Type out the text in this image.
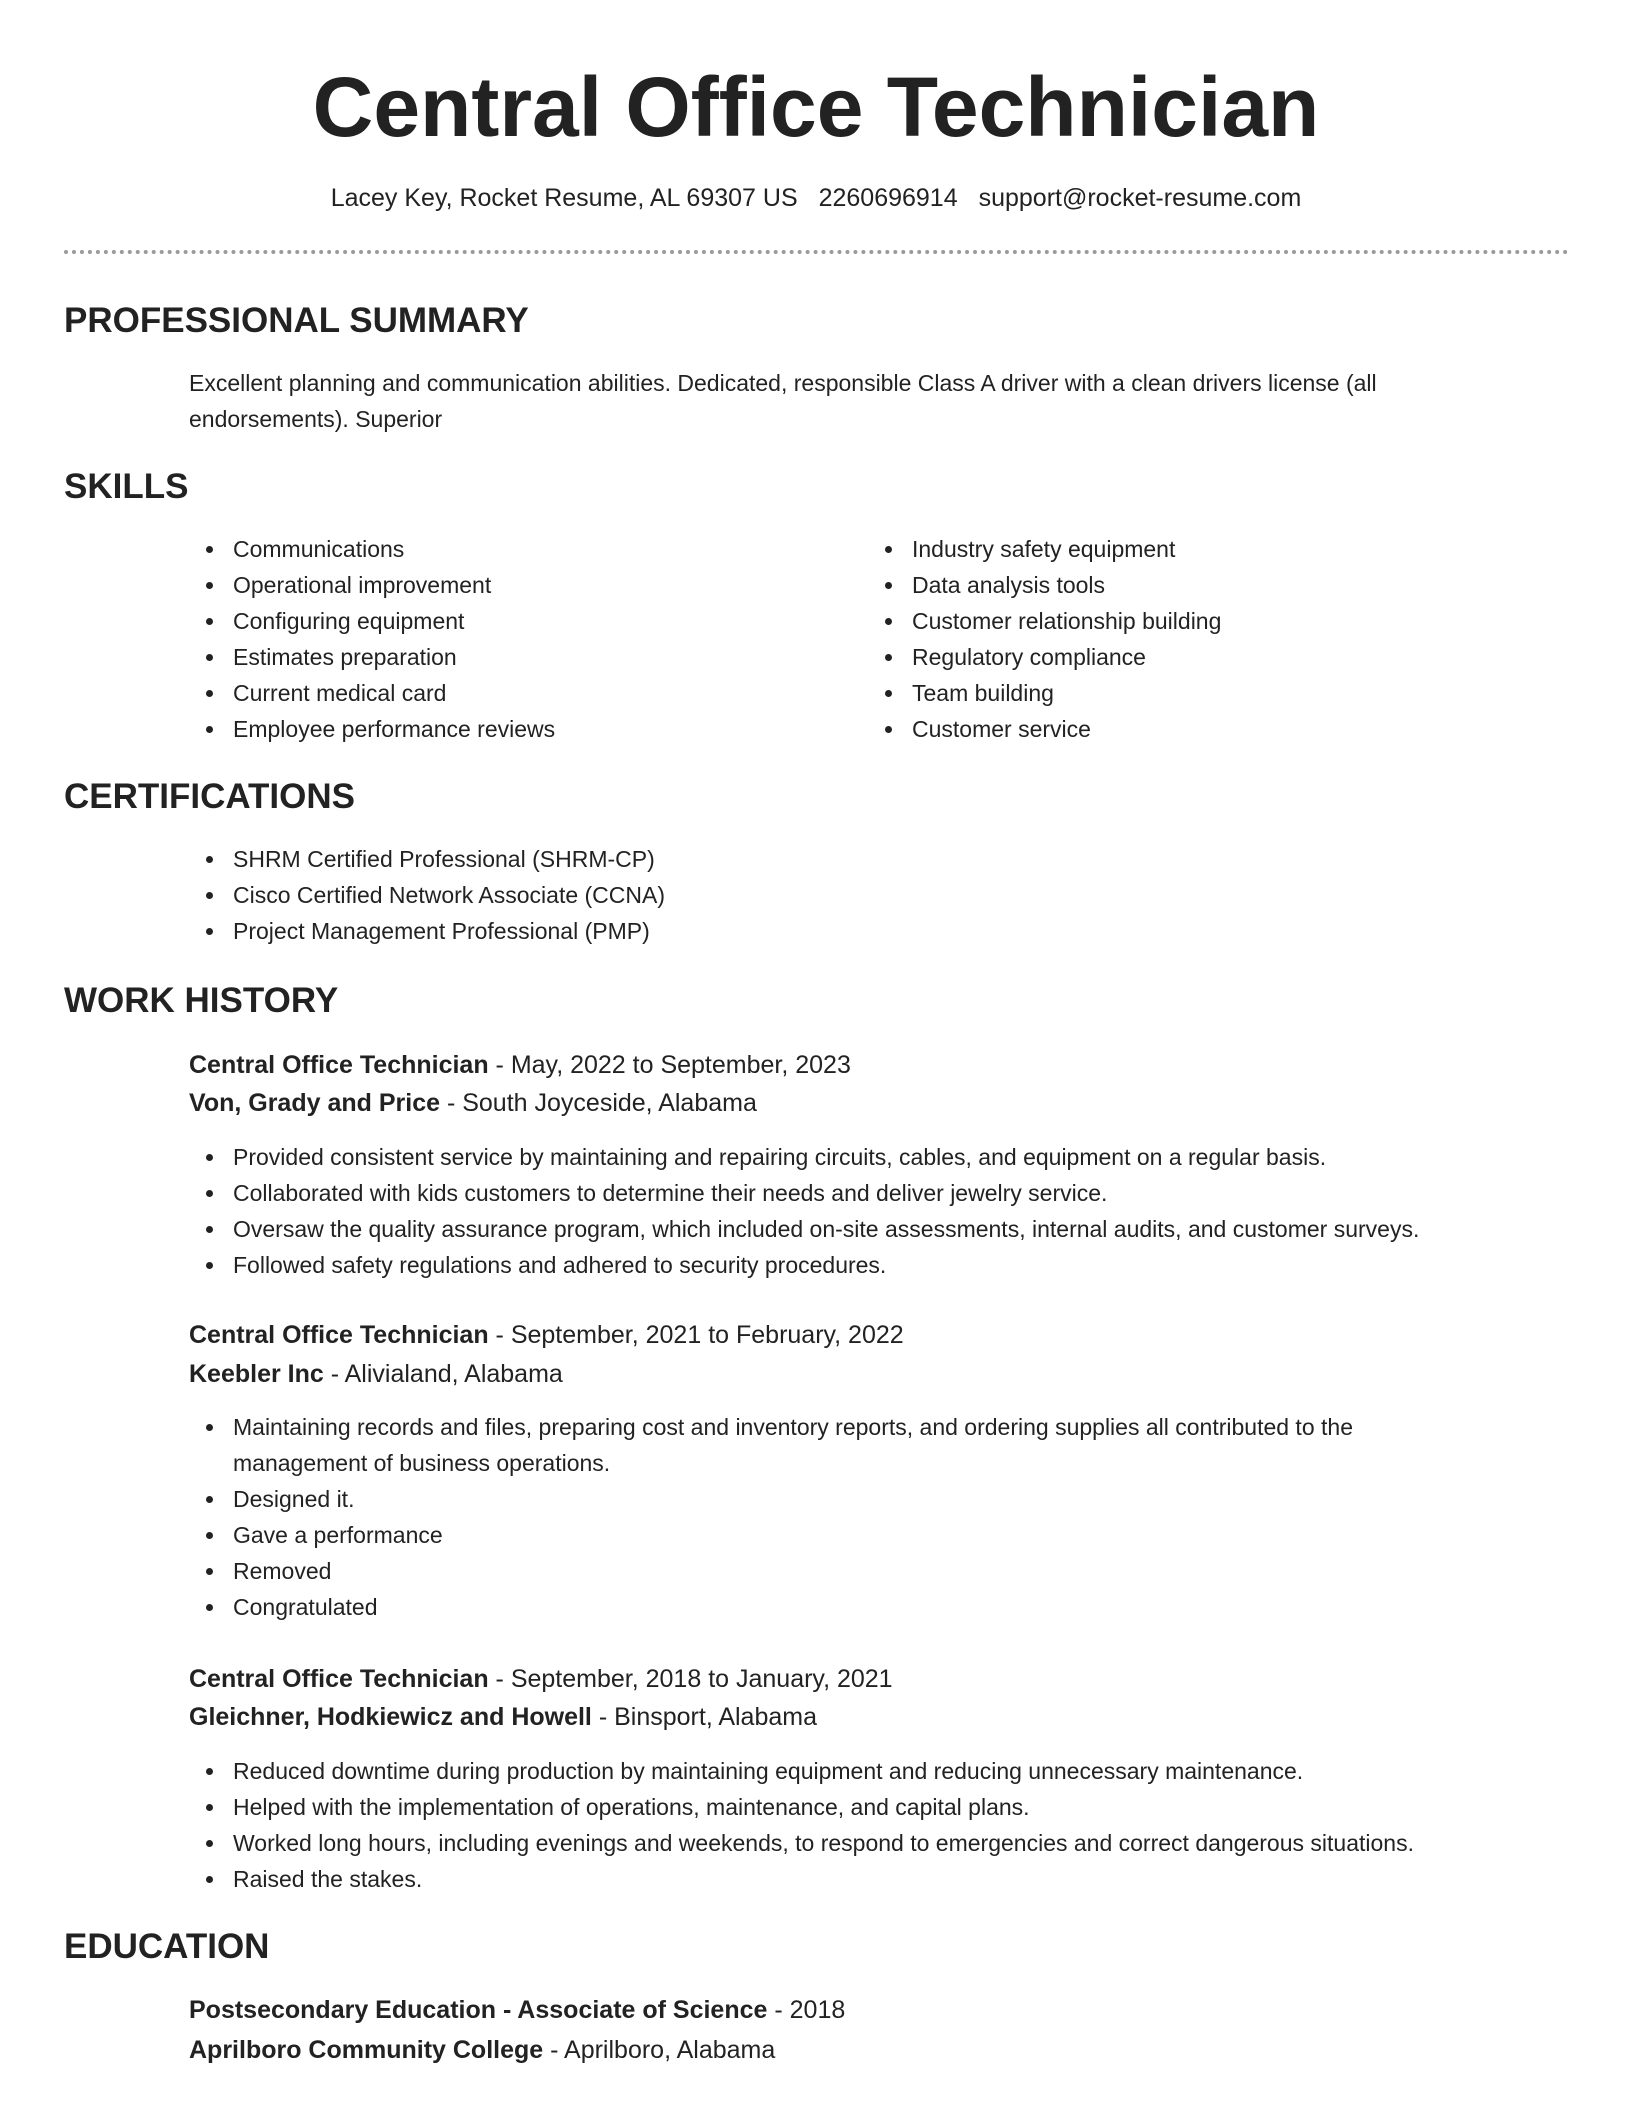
Central Office Technician
Lacey Key, Rocket Resume, AL 69307 US 2260696914 support@rocket-resume.com
PROFESSIONAL SUMMARY

Excellent planning and communication abilities. Dedicated, responsible Class A driver with a clean drivers license (all endorsements). Superior

SKILLS
Communications
Operational improvement
Configuring equipment
Estimates preparation
Current medical card
Employee performance reviews
Industry safety equipment
Data analysis tools
Customer relationship building
Regulatory compliance
Team building
Customer service
CERTIFICATIONS
SHRM Certified Professional (SHRM-CP)
Cisco Certified Network Associate (CCNA)
Project Management Professional (PMP)
WORK HISTORY
Central Office Technician - May, 2022 to September, 2023
Von, Grady and Price - South Joyceside, Alabama
Provided consistent service by maintaining and repairing circuits, cables, and equipment on a regular basis.
Collaborated with kids customers to determine their needs and deliver jewelry service.
Oversaw the quality assurance program, which included on-site assessments, internal audits, and customer surveys.
Followed safety regulations and adhered to security procedures.
Central Office Technician - September, 2021 to February, 2022
Keebler Inc - Alivialand, Alabama
Maintaining records and files, preparing cost and inventory reports, and ordering supplies all contributed to the management of business operations.
Designed it.
Gave a performance
Removed
Congratulated
Central Office Technician - September, 2018 to January, 2021
Gleichner, Hodkiewicz and Howell - Binsport, Alabama
Reduced downtime during production by maintaining equipment and reducing unnecessary maintenance.
Helped with the implementation of operations, maintenance, and capital plans.
Worked long hours, including evenings and weekends, to respond to emergencies and correct dangerous situations.
Raised the stakes.
EDUCATION
Postsecondary Education - Associate of Science - 2018
Aprilboro Community College - Aprilboro, Alabama
